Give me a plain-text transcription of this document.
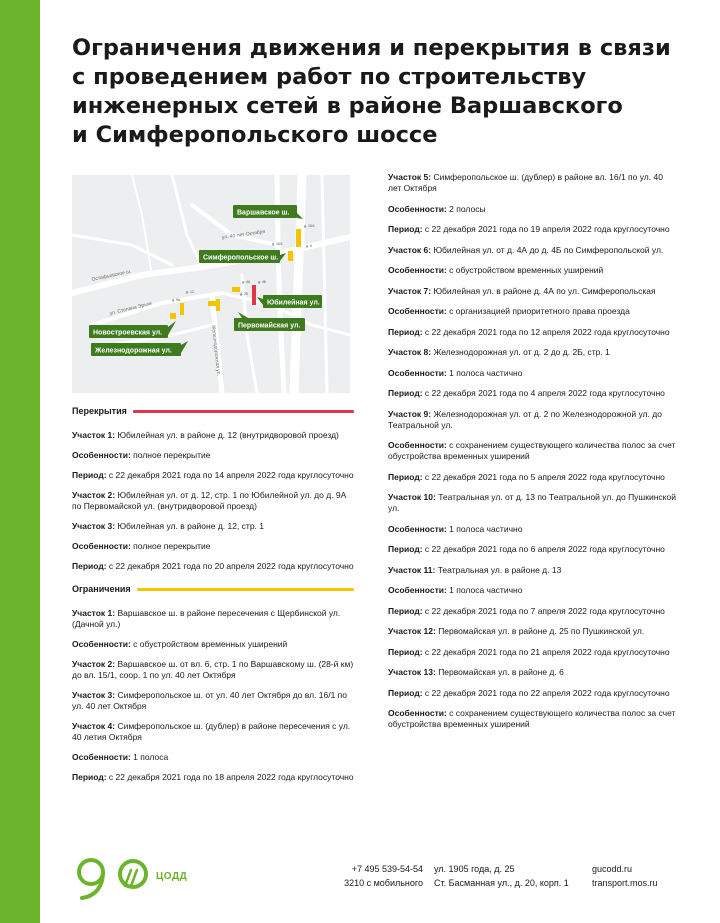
Ограничения движения и перекрытия в связи
с проведением работ по строительству
инженерных сетей в районе Варшавского
и Симферопольского шоссе
ул. 40 лет Октября
Остафьевское ш.
ул. Степана Эрьзи
Железнодорожная ул.
д. 9А
д. 12
д. 4А д. 4Б
д. 15/1
д. 16/1
д. 25
д. 6
Варшавское ш.
Симферопольское ш.
Юбилейная ул.
Первомайская ул.
Новостроевская ул.
Железнодорожная ул.
Перекрытия

Участок 1: Юбилейная ул. в районе д. 12 (внутридворовой проезд)

Особенности: полное перекрытие

Период: с 22 декабря 2021 года по 14 апреля 2022 года круглосуточно

Участок 2: Юбилейная ул. от д. 12, стр. 1 по Юбилейной ул. до д. 9А по Первомайской ул. (внутридворовой проезд)

Участок 3: Юбилейная ул. в районе д. 12, стр. 1

Особенности: полное перекрытие

Период: с 22 декабря 2021 года по 20 апреля 2022 года круглосуточно

Ограничения

Участок 1: Варшавское ш. в районе пересечения с Щербинской ул. (Дачной ул.)

Особенности: с обустройством временных уширений

Участок 2: Варшавское ш. от вл. 6, стр. 1 по Варшавскому ш. (28-й км) до вл. 15/1, соор. 1 по ул. 40 лет Октября

Участок 3: Симферопольское ш. от ул. 40 лет Октября до вл. 16/1 по ул. 40 лет Октября

Участок 4: Симферопольское ш. (дублер) в районе пересечения с ул. 40 летия Октября

Особенности: 1 полоса

Период: с 22 декабря 2021 года по 18 апреля 2022 года круглосуточно

Участок 5: Симферопольское ш. (дублер) в районе вл. 16/1 по ул. 40 лет Октября

Особенности: 2 полосы

Период: с 22 декабря 2021 года по 19 апреля 2022 года круглосуточно

Участок 6: Юбилейная ул. от д. 4А до д. 4Б по Симферопольской ул.

Особенности: с обустройством временных уширений

Участок 7: Юбилейная ул. в районе д. 4А по ул. Симферопольская

Особенности: с организацией приоритетного права проезда

Период: с 22 декабря 2021 года по 12 апреля 2022 года круглосуточно

Участок 8: Железнодорожная ул. от д. 2 до д. 2Б, стр. 1

Особенности: 1 полоса частично

Период: с 22 декабря 2021 года по 4 апреля 2022 года круглосуточно

Участок 9: Железнодорожная ул. от д. 2 по Железнодорожной ул. до Театральной ул.

Особенности: с сохранением существующего количества полос за счет обустройства временных уширений

Период: с 22 декабря 2021 года по 5 апреля 2022 года круглосуточно

Участок 10: Театральная ул. от д. 13 по Театральной ул. до Пушкинской ул.

Особенности: 1 полоса частично

Период: с 22 декабря 2021 года по 6 апреля 2022 года круглосуточно

Участок 11: Театральная ул. в районе д. 13

Особенности: 1 полоса частично

Период: с 22 декабря 2021 года по 7 апреля 2022 года круглосуточно

Участок 12: Первомайская ул. в районе д. 25 по Пушкинской ул.

Период: с 22 декабря 2021 года по 21 апреля 2022 года круглосуточно

Участок 13: Первомайская ул. в районе д. 6

Период: с 22 декабря 2021 года по 22 апреля 2022 года круглосуточно

Особенности: с сохранением существующего количества полос за счет обустройства временных уширений

ЦОДД
+7 495 539-54-54
3210 с мобильного
ул. 1905 года, д. 25
Ст. Басманная ул., д. 20, корп. 1
gucodd.ru
transport.mos.ru
